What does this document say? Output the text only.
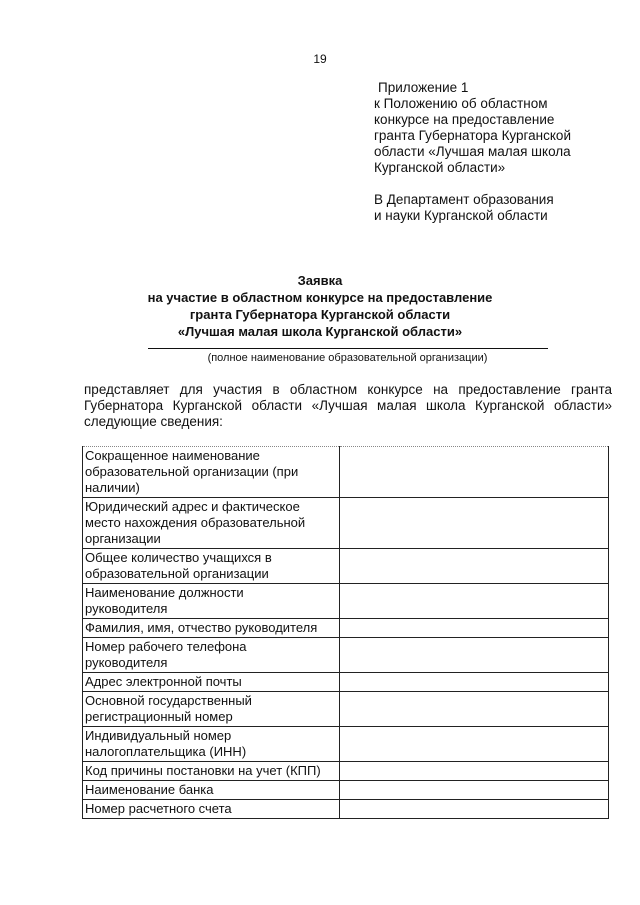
19
Приложение 1
к Положению об областном
конкурсе на предоставление
гранта Губернатора Курганской
области «Лучшая малая школа
Курганской области»
В Департамент образования
и науки Курганской области
Заявка
на участие в областном конкурсе на предоставление
гранта Губернатора Курганской области
«Лучшая малая школа Курганской области»
(полное наименование образовательной организации)
представляет для участия в областном конкурсе на предоставление гранта
Губернатора Курганской области «Лучшая малая школа Курганской области»
следующие сведения:
Сокращенное наименование
образовательной организации (при
наличии)	

Юридический адрес и фактическое
место нахождения образовательной
организации	

Общее количество учащихся в
образовательной организации	

Наименование должности
руководителя	

Фамилия, имя, отчество руководителя	

Номер рабочего телефона
руководителя	

Адрес электронной почты	

Основной государственный
регистрационный номер	

Индивидуальный номер
налогоплательщика (ИНН)	

Код причины постановки на учет (КПП)	

Наименование банка	

Номер расчетного счета	
